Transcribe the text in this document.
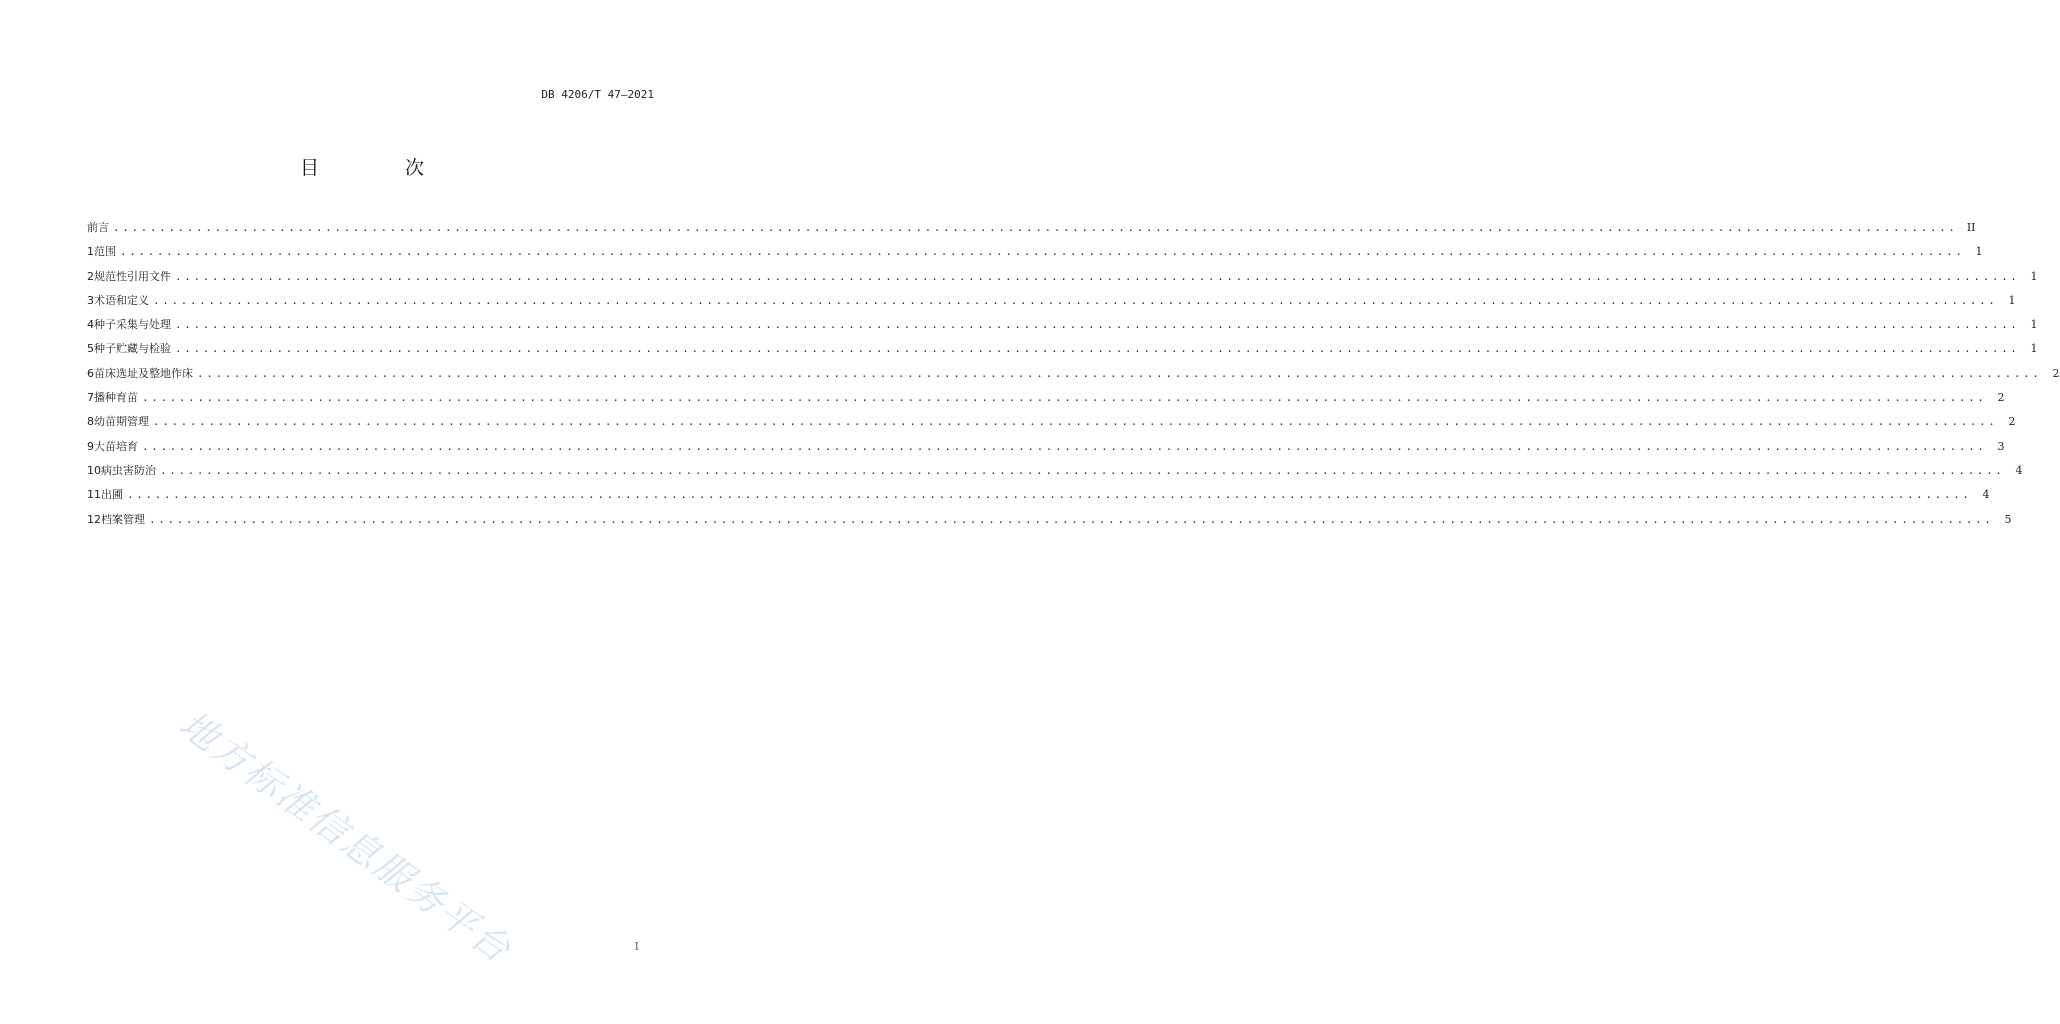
DB 4206/T 47—2021
目 次
前言 ........................................................................................................................................................................................................ II
1 范围 ........................................................................................................................................................................................................	1
2 规范性引用文件 ........................................................................................................................................................................................................	1
3 术语和定义 ........................................................................................................................................................................................................	1
4 种子采集与处理 ........................................................................................................................................................................................................	1
5 种子贮藏与检验 ........................................................................................................................................................................................................	1
6 苗床选址及整地作床 ........................................................................................................................................................................................................	2
7 播种育苗 ........................................................................................................................................................................................................	2
8 幼苗期管理 ........................................................................................................................................................................................................	2
9 大苗培育 ........................................................................................................................................................................................................	3
10 病虫害防治 ........................................................................................................................................................................................................	4
11 出圃 ........................................................................................................................................................................................................	4
12 档案管理 ........................................................................................................................................................................................................	5
地方标准信息服务平台	I
